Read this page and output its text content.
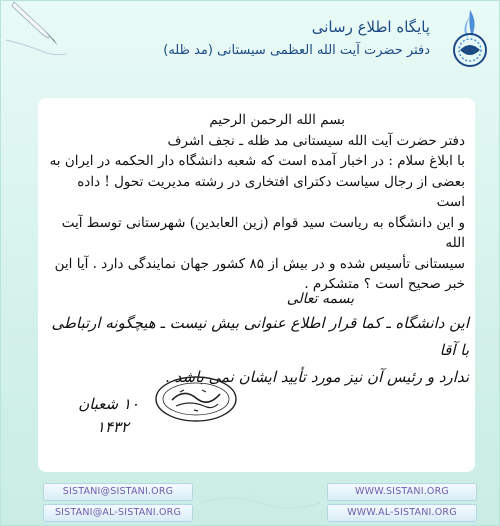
پایگاه اطلاع رسانی
دفتر حضرت آیت الله العظمی سیستانی (مد ظله)
بسم الله الرحمن الرحیم
دفتر حضرت آیت الله سیستانی مد ظله ـ نجف اشرف
با ابلاغ سلام : در اخبار آمده است که شعبه دانشگاه دار الحکمه در ایران به
بعضی از رجال سیاست دکترای افتخاری در رشته مدیریت تحول ! داده است
و این دانشگاه به ریاست سید قوام (زین العابدین) شهرستانی توسط آیت الله
سیستانی تأسیس شده و در بیش از ۸۵ کشور جهان نمایندگی دارد . آیا این
خبر صحیح است ؟ متشکرم .
بسمه تعالی
این دانشگاه ـ کما قرار اطلاع عنوانی بیش نیست ـ هیچگونه ارتباطی با آقا
ندارد و رئیس آن نیز مورد تأیید ایشان نمی باشد .
۱۰ شعبان
۱۴۳۲
SISTANI@SISTANI.ORG	WWW.SISTANI.ORG
SISTANI@AL-SISTANI.ORG	WWW.AL-SISTANI.ORG
